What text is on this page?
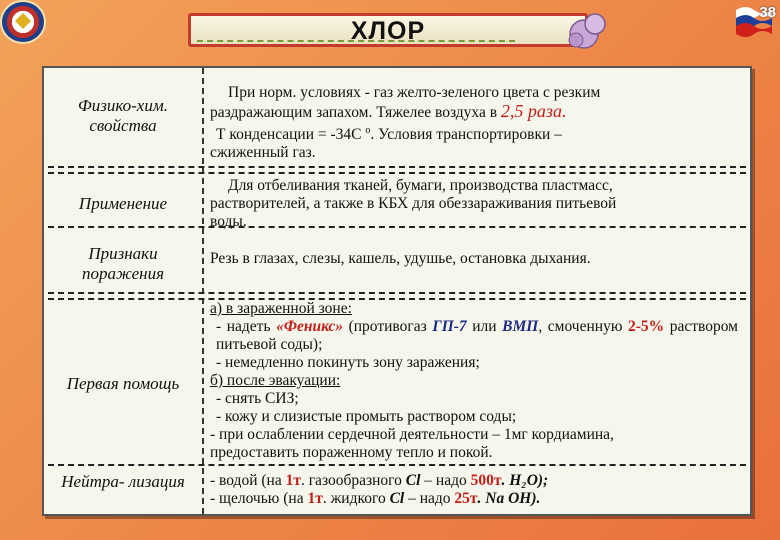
38
ХЛОР
Физико-хим. свойства
При норм. условиях - газ желто-зеленого цвета с резким
раздражающим запахом. Тяжелее воздуха в 2,5 раза.
Т конденсации = -34С $^о$. Условия транспортировки –
сжиженный газ.
Применение
Для отбеливания тканей, бумаги, производства пластмасс,
растворителей, а также в КБХ для обеззараживания питьевой
воды.
Признаки поражения
Резь в глазах, слезы, кашель, удушье, остановка дыхания.
Первая помощь
а) в зараженной зоне:
- надеть «Феникс» (противогаз ГП-7 или ВМП, смоченную 2-5% раствором питьевой соды);
- немедленно покинуть зону заражения;
б) после эвакуации:
- снять СИЗ;
- кожу и слизистые промыть раствором соды;
- при ослаблении сердечной деятельности – 1мг кордиамина,
предоставить пораженному тепло и покой.
Нейтра- лизация	- водой (на 1т. газообразного Cl – надо 500т. H₂O);
- щелочью (на 1т. жидкого Cl – надо 25т. Na OH).
